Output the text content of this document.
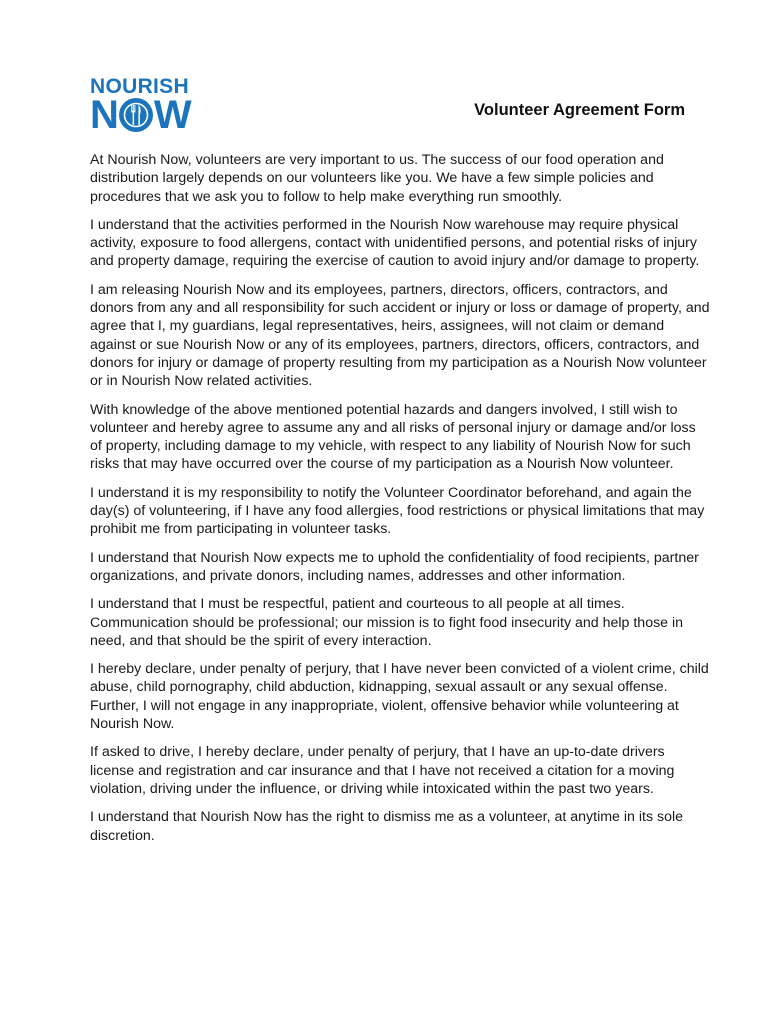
NOURISH
N W	Volunteer Agreement Form

At Nourish Now, volunteers are very important to us. The success of our food operation and distribution largely depends on our volunteers like you. We have a few simple policies and procedures that we ask you to follow to help make everything run smoothly.

I understand that the activities performed in the Nourish Now warehouse may require physical activity, exposure to food allergens, contact with unidentified persons, and potential risks of injury and property damage, requiring the exercise of caution to avoid injury and/or damage to property.

I am releasing Nourish Now and its employees, partners, directors, officers, contractors, and donors from any and all responsibility for such accident or injury or loss or damage of property, and agree that I, my guardians, legal representatives, heirs, assignees, will not claim or demand against or sue Nourish Now or any of its employees, partners, directors, officers, contractors, and donors for injury or damage of property resulting from my participation as a Nourish Now volunteer or in Nourish Now related activities.

With knowledge of the above mentioned potential hazards and dangers involved, I still wish to volunteer and hereby agree to assume any and all risks of personal injury or damage and/or loss of property, including damage to my vehicle, with respect to any liability of Nourish Now for such risks that may have occurred over the course of my participation as a Nourish Now volunteer.

I understand it is my responsibility to notify the Volunteer Coordinator beforehand, and again the day(s) of volunteering, if I have any food allergies, food restrictions or physical limitations that may prohibit me from participating in volunteer tasks.

I understand that Nourish Now expects me to uphold the confidentiality of food recipients, partner organizations, and private donors, including names, addresses and other information.

I understand that I must be respectful, patient and courteous to all people at all times. Communication should be professional; our mission is to fight food insecurity and help those in need, and that should be the spirit of every interaction.

I hereby declare, under penalty of perjury, that I have never been convicted of a violent crime, child abuse, child pornography, child abduction, kidnapping, sexual assault or any sexual offense. Further, I will not engage in any inappropriate, violent, offensive behavior while volunteering at Nourish Now.

If asked to drive, I hereby declare, under penalty of perjury, that I have an up-to-date drivers license and registration and car insurance and that I have not received a citation for a moving violation, driving under the influence, or driving while intoxicated within the past two years.

I understand that Nourish Now has the right to dismiss me as a volunteer, at anytime in its sole discretion.
